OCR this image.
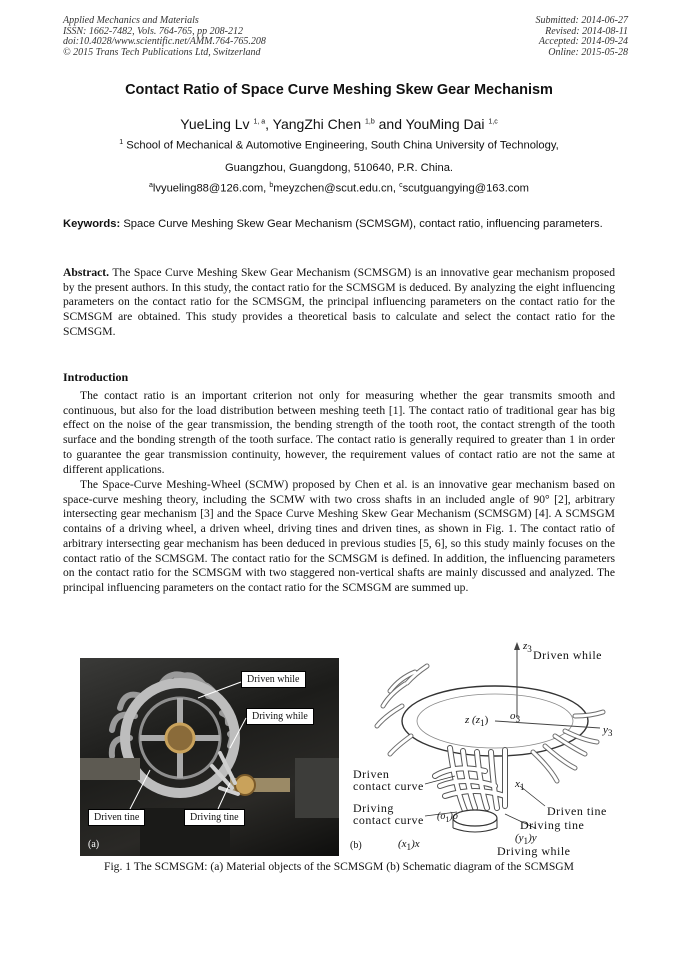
Applied Mechanics and Materials
ISSN: 1662-7482, Vols. 764-765, pp 208-212
doi:10.4028/www.scientific.net/AMM.764-765.208
© 2015 Trans Tech Publications Ltd, Switzerland
Submitted: 2014-06-27
Revised: 2014-08-11
Accepted: 2014-09-24
Online: 2015-05-28
Contact Ratio of Space Curve Meshing Skew Gear Mechanism
YueLing Lv $^{1, a}$, YangZhi Chen $^{1,b}$ and YouMing Dai $^{1,c}$
$^1$ School of Mechanical & Automotive Engineering, South China University of Technology,
Guangzhou, Guangdong, 510640, P.R. China.
$^a$lvyueling88@126.com, $^b$meyzchen@scut.edu.cn, $^c$scutguangying@163.com
Keywords: Space Curve Meshing Skew Gear Mechanism (SCMSGM), contact ratio, influencing parameters.
Abstract. The Space Curve Meshing Skew Gear Mechanism (SCMSGM) is an innovative gear mechanism proposed by the present authors. In this study, the contact ratio for the SCMSGM is deduced. By analyzing the eight influencing parameters on the contact ratio for the SCMSGM, the principal influencing parameters on the contact ratio for the SCMSGM are obtained. This study provides a theoretical basis to calculate and select the contact ratio for the SCMSGM.
Introduction
The contact ratio is an important criterion not only for measuring whether the gear transmits smooth and continuous, but also for the load distribution between meshing teeth [1]. The contact ratio of traditional gear has big effect on the noise of the gear transmission, the bending strength of the tooth root, the contact strength of the tooth surface and the bonding strength of the tooth surface. The contact ratio is generally required to greater than 1 in order to guarantee the gear transmission continuity, however, the requirement values of contact ratio are not the same at different applications.
The Space-Curve Meshing-Wheel (SCMW) proposed by Chen et al. is an innovative gear mechanism based on space-curve meshing theory, including the SCMW with two cross shafts in an included angle of 90° [2], arbitrary intersecting gear mechanism [3] and the Space Curve Meshing Skew Gear Mechanism (SCMSGM) [4]. A SCMSGM contains of a driving wheel, a driven wheel, driving tines and driven tines, as shown in Fig. 1. The contact ratio of arbitrary intersecting gear mechanism has been deduced in previous studies [5, 6], so this study mainly focuses on the contact ratio of the SCMSGM. The contact ratio for the SCMSGM is defined. In addition, the influencing parameters on the contact ratio for the SCMSGM with two staggered non-vertical shafts are mainly discussed and analyzed. The principal influencing parameters on the contact ratio for the SCMSGM are summed up.
Driven while
Driving while
Driven tine	Driving tine
(a)
$z_3$ Driven while
z $(z_1)$ $o_3$
$y_3$
$x_1$
$(o_1)o$
Driven
contact curve
Driving
contact curve
Driven tine
Driving tine
$(y_1)y$
Driving while
$(x_1)x$
(b)
Fig. 1 The SCMSGM: (a) Material objects of the SCMSGM (b) Schematic diagram of the SCMSGM
